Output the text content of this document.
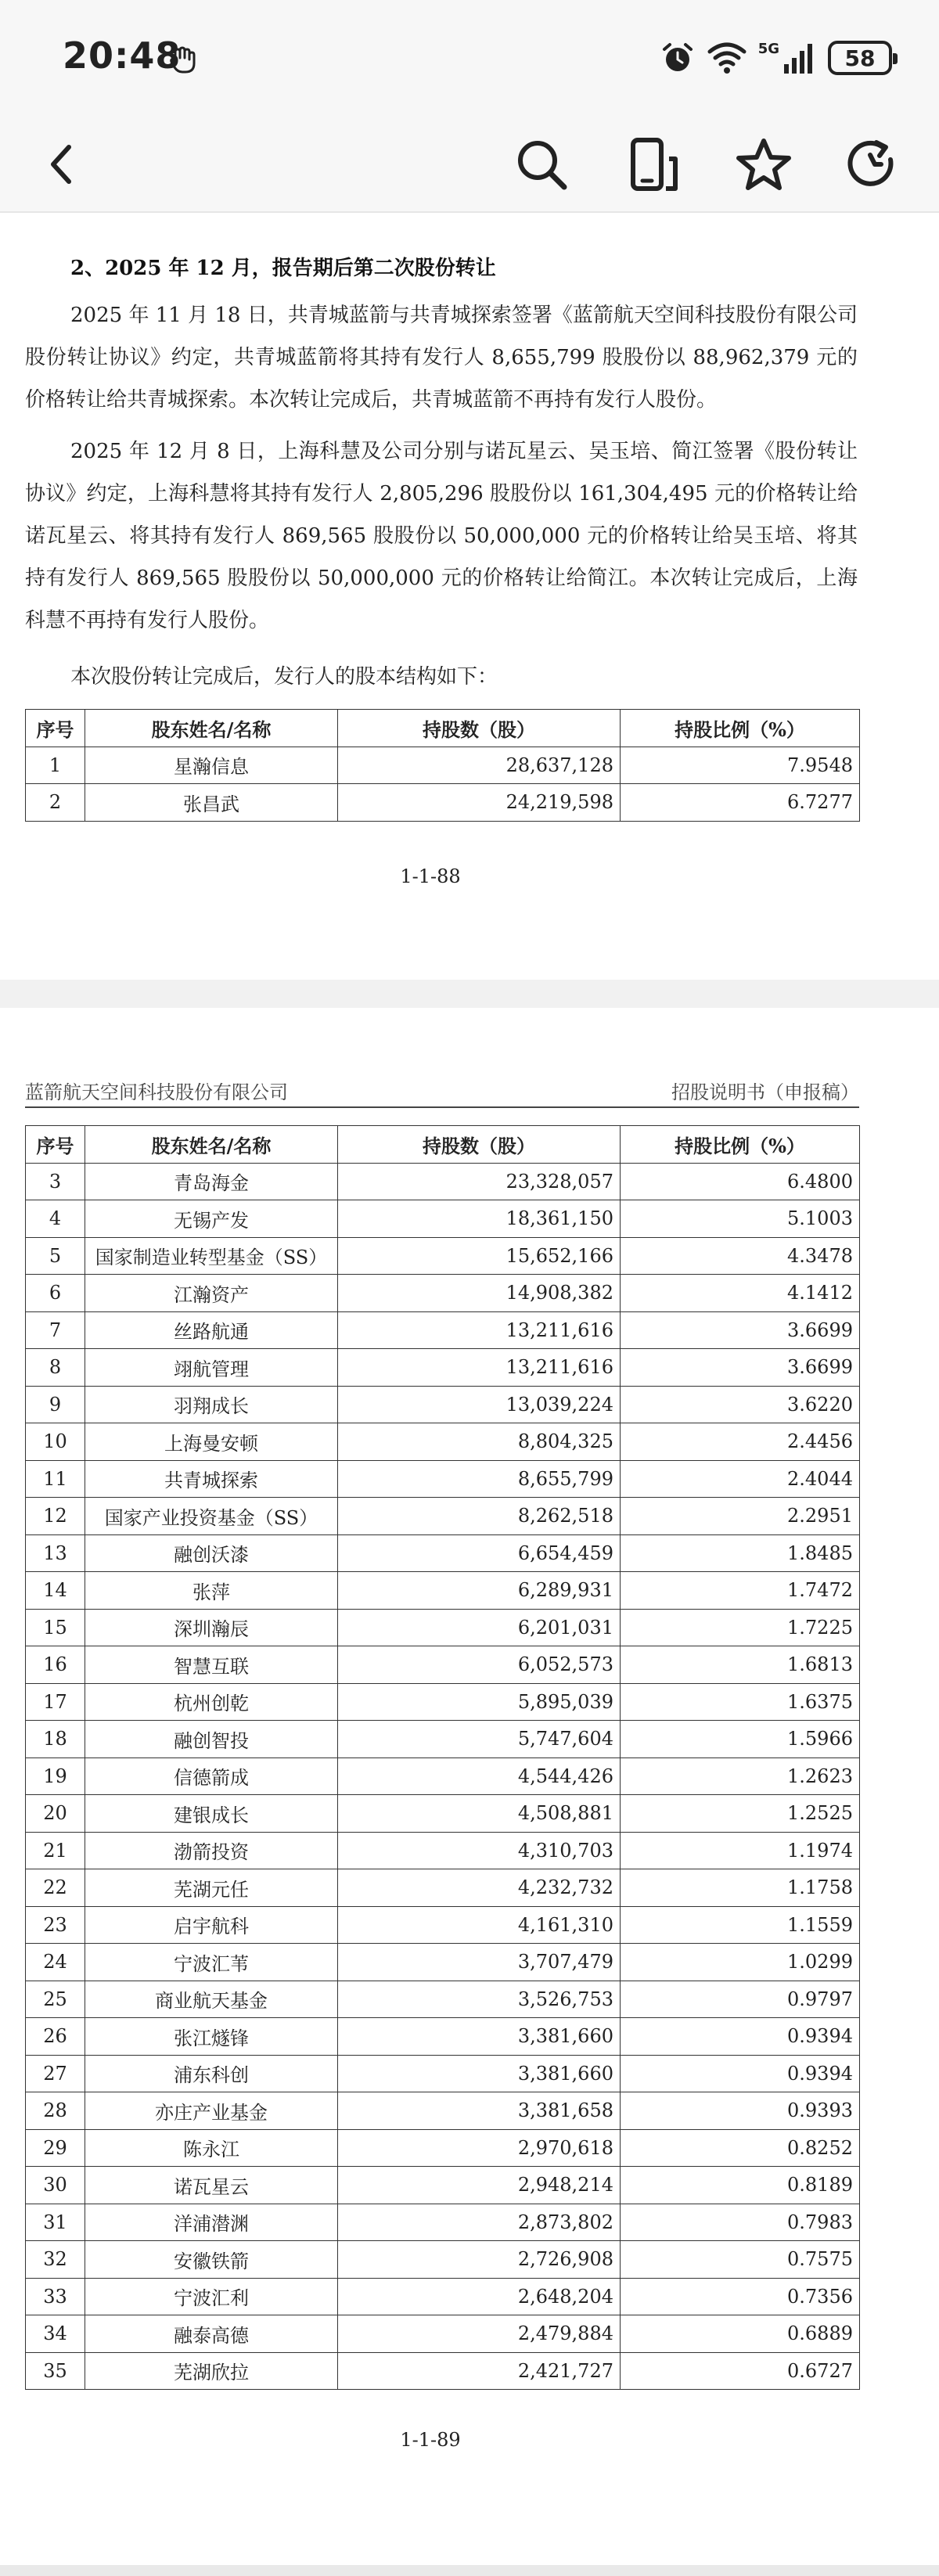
20:48	5G	58
2、2025 年 12 月，报告期后第二次股份转让

2025 年 11 月 18 日，共青城蓝箭与共青城探索签署《蓝箭航天空间科技股份有限公司股份转让协议》约定，共青城蓝箭将其持有发行人 8,655,799 股股份以 88,962,379 元的价格转让给共青城探索。本次转让完成后，共青城蓝箭不再持有发行人股份。

2025 年 12 月 8 日，上海科慧及公司分别与诺瓦星云、吴玉培、简江签署《股份转让协议》约定，上海科慧将其持有发行人 2,805,296 股股份以 161,304,495 元的价格转让给诺瓦星云、将其持有发行人 869,565 股股份以 50,000,000 元的价格转让给吴玉培、将其持有发行人 869,565 股股份以 50,000,000 元的价格转让给简江。本次转让完成后，上海科慧不再持有发行人股份。

本次股份转让完成后，发行人的股本结构如下：
序号	股东姓名/名称	持股数（股）	持股比例（%）
1	星瀚信息	28,637,128	7.9548
2	张昌武	24,219,598	6.7277
1-1-88
蓝箭航天空间科技股份有限公司	招股说明书（申报稿）
序号	股东姓名/名称	持股数（股）	持股比例（%）
3	青岛海金	23,328,057	6.4800
4	无锡产发	18,361,150	5.1003
5	国家制造业转型基金（SS）	15,652,166	4.3478
6	江瀚资产	14,908,382	4.1412
7	丝路航通	13,211,616	3.6699
8	翊航管理	13,211,616	3.6699
9	羽翔成长	13,039,224	3.6220
10	上海曼安顿	8,804,325	2.4456
11	共青城探索	8,655,799	2.4044
12	国家产业投资基金（SS）	8,262,518	2.2951
13	融创沃漆	6,654,459	1.8485
14	张萍	6,289,931	1.7472
15	深圳瀚辰	6,201,031	1.7225
16	智慧互联	6,052,573	1.6813
17	杭州创乾	5,895,039	1.6375
18	融创智投	5,747,604	1.5966
19	信德箭成	4,544,426	1.2623
20	建银成长	4,508,881	1.2525
21	渤箭投资	4,310,703	1.1974
22	芜湖元任	4,232,732	1.1758
23	启宇航科	4,161,310	1.1559
24	宁波汇苇	3,707,479	1.0299
25	商业航天基金	3,526,753	0.9797
26	张江燧锋	3,381,660	0.9394
27	浦东科创	3,381,660	0.9394
28	亦庄产业基金	3,381,658	0.9393
29	陈永江	2,970,618	0.8252
30	诺瓦星云	2,948,214	0.8189
31	洋浦潜渊	2,873,802	0.7983
32	安徽铁箭	2,726,908	0.7575
33	宁波汇利	2,648,204	0.7356
34	融泰高德	2,479,884	0.6889
35	芜湖欣拉	2,421,727	0.6727
1-1-89
